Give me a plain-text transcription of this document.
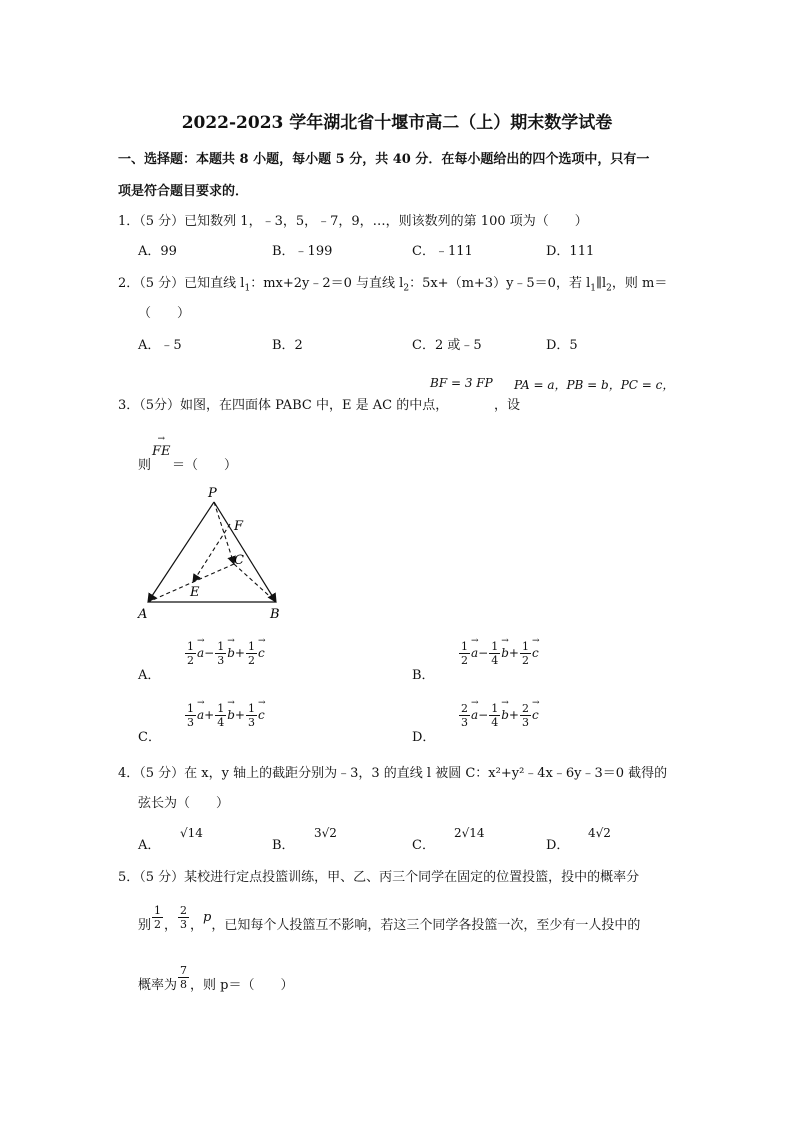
2022-2023 学年湖北省十堰市高二（上）期末数学试卷
一、选择题：本题共 8 小题，每小题 5 分，共 40 分．在每小题给出的四个选项中，只有一
项是符合题目要求的．
1．（5 分）已知数列 1，﹣3，5，﹣7，9，…，则该数列的第 100 项为（　　）
A．99	B．﹣199	C．﹣111	D．111
2．（5 分）已知直线 $l_1$：mx+2y﹣2＝0 与直线 $l_2$：5x+（m+3）y﹣5＝0，若 $l_1\parallel l_2$，则 m＝
（　　）
A．﹣5	B．2	C．2 或﹣5	D．5
3．（5分）如图，在四面体 PABC 中，E 是 AC 的中点，
BF = 3 FP
，设
PA = a，PB = b，PC = c，
则
→ FE
＝（　　）
P
F
C
E
A	B
A．
$\frac{1}{2}$
→ $a- \frac{1}{3}$
→ $b+ \frac{1}{2}$
→ c
B．
$\frac{1}{2}$
→ $a- \frac{1}{4}$
→ $b+ \frac{1}{2}$
→ c
C．
$\frac{1}{3}$
→ $a+ \frac{1}{4}$
→ $b+ \frac{1}{3}$
→ c
D．
$\frac{2}{3}$
→ $a- \frac{1}{4}$
→ $b+ \frac{2}{3}$
→ c
4．（5 分）在 x，y 轴上的截距分别为﹣3，3 的直线 l 被圆 C：x²+y²﹣4x﹣6y﹣3＝0 截得的
弦长为（　　）
A．
√14
B．
3√2
C．
2√14
D．
4√2
5．（5 分）某校进行定点投篮训练，甲、乙、丙三个同学在固定的位置投篮，投中的概率分
别 $\frac{1}{2}$ ， $\frac{2}{3}$ ，p，已知每个人投篮互不影响，若这三个同学各投篮一次，至少有一人投中的
概率为 $\frac{7}{8}$ ，则 p＝（　　）
